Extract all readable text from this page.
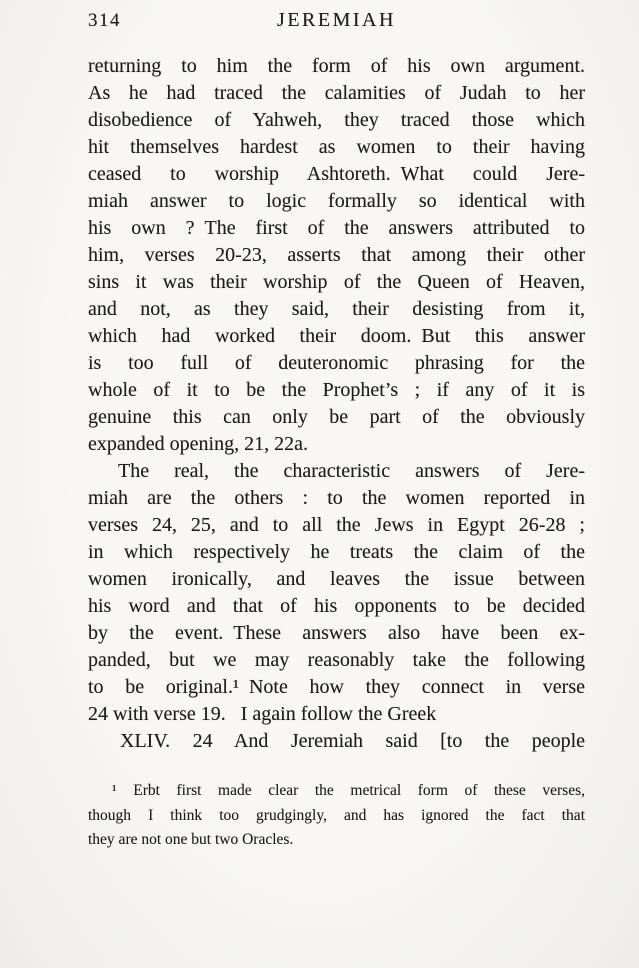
314	JEREMIAH
returning to him the form of his own argument.
As he had traced the calamities of Judah to her
disobedience of Yahweh, they traced those which
hit themselves hardest as women to their having
ceased to worship Ashtoreth. What could Jere-
miah answer to logic formally so identical with
his own ? The first of the answers attributed to
him, verses 20-23, asserts that among their other
sins it was their worship of the Queen of Heaven,
and not, as they said, their desisting from it,
which had worked their doom. But this answer
is too full of deuteronomic phrasing for the
whole of it to be the Prophet’s ; if any of it is
genuine this can only be part of the obviously
expanded opening, 21, 22a.
The real, the characteristic answers of Jere-
miah are the others : to the women reported in
verses 24, 25, and to all the Jews in Egypt 26-28 ;
in which respectively he treats the claim of the
women ironically, and leaves the issue between
his word and that of his opponents to be decided
by the event. These answers also have been ex-
panded, but we may reasonably take the following
to be original.¹ Note how they connect in verse
24 with verse 19.  I again follow the Greek
XLIV. 24 And Jeremiah said [to the people
¹ Erbt first made clear the metrical form of these verses,
though I think too grudgingly, and has ignored the fact that
they are not one but two Oracles.
